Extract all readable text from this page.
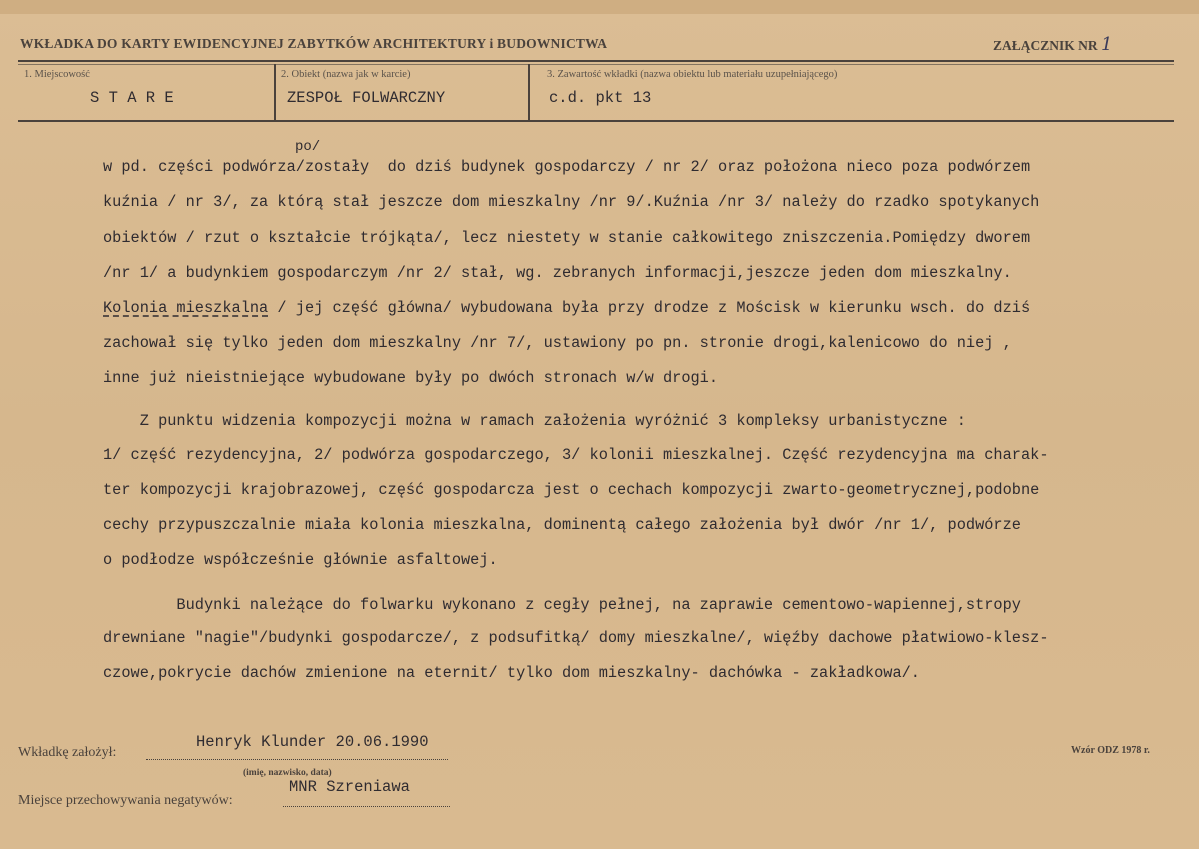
WKŁADKA DO KARTY EWIDENCYJNEJ ZABYTKÓW ARCHITEKTURY i BUDOWNICTWA	ZAŁĄCZNIK NR 1
1. Miejscowość
S T A R E
2. Obiekt (nazwa jak w karcie)
ZESPOŁ FOLWARCZNY
3. Zawartość wkładki (nazwa obiektu lub materiału uzupełniającego)
c.d. pkt 13
po/
w pd. części podwórza/zostały  do dziś budynek gospodarczy / nr 2/ oraz położona nieco poza podwórzem
kuźnia / nr 3/, za którą stał jeszcze dom mieszkalny /nr 9/.Kuźnia /nr 3/ należy do rzadko spotykanych
obiektów / rzut o kształcie trójkąta/, lecz niestety w stanie całkowitego zniszczenia.Pomiędzy dworem
/nr 1/ a budynkiem gospodarczym /nr 2/ stał, wg. zebranych informacji,jeszcze jeden dom mieszkalny.
Kolonia mieszkalna / jej część główna/ wybudowana była przy drodze z Mościsk w kierunku wsch. do dziś
zachował się tylko jeden dom mieszkalny /nr 7/, ustawiony po pn. stronie drogi,kalenicowo do niej ,
inne już nieistniejące wybudowane były po dwóch stronach w/w drogi.
Z punktu widzenia kompozycji można w ramach założenia wyróżnić 3 kompleksy urbanistyczne :
1/ część rezydencyjna, 2/ podwórza gospodarczego, 3/ kolonii mieszkalnej. Część rezydencyjna ma charak-
ter kompozycji krajobrazowej, część gospodarcza jest o cechach kompozycji zwarto-geometrycznej,podobne
cechy przypuszczalnie miała kolonia mieszkalna, dominentą całego założenia był dwór /nr 1/, podwórze
o podłodze współcześnie głównie asfaltowej.
Budynki należące do folwarku wykonano z cegły pełnej, na zaprawie cementowo-wapiennej,stropy
drewniane "nagie"/budynki gospodarcze/, z podsufitką/ domy mieszkalne/, więźby dachowe płatwiowo-klesz-
czowe,pokrycie dachów zmienione na eternit/ tylko dom mieszkalny- dachówka - zakładkowa/.
Wkładkę założył:
Henryk Klunder 20.06.1990
(imię, nazwisko, data)
Miejsce przechowywania negatywów:
MNR Szreniawa
Wzór ODZ 1978 r.
